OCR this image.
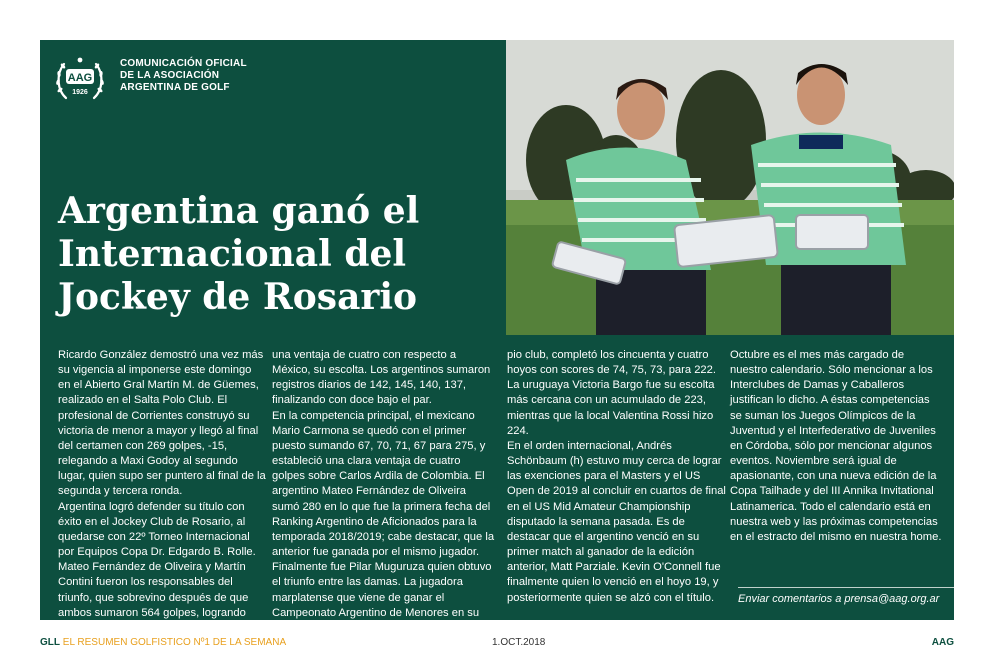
AAG
1926
COMUNICACIÓN OFICIAL
DE LA ASOCIACIÓN
ARGENTINA DE GOLF
Argentina ganó el Internacional del Jockey de Rosario

Ricardo González demostró una vez más su vigencia al imponerse este domingo en el Abierto Gral Martín M. de Güemes, realizado en el Salta Polo Club. El profesional de Corrientes construyó su victoria de menor a mayor y llegó al final del certamen con 269 golpes, -15, relegando a Maxi Godoy al segundo lugar, quien supo ser puntero al final de la segunda y tercera ronda.
Argentina logró defender su título con éxito en el Jockey Club de Rosario, al quedarse con 22º Torneo Internacional por Equipos Copa Dr. Edgardo B. Rolle. Mateo Fernández de Oliveira y Martín Contini fueron los responsables del triunfo, que sobrevino después de que ambos sumaron 564 golpes, logrando

una ventaja de cuatro con respecto a México, su escolta. Los argentinos sumaron registros diarios de 142, 145, 140, 137, finalizando con doce bajo el par.
En la competencia principal, el mexicano Mario Carmona se quedó con el primer puesto sumando 67, 70, 71, 67 para 275, y estableció una clara ventaja de cuatro golpes sobre Carlos Ardila de Colombia. El argentino Mateo Fernández de Oliveira sumó 280 en lo que fue la primera fecha del Ranking Argentino de Aficionados para la temporada 2018/2019; cabe destacar, que la anterior fue ganada por el mismo jugador.
Finalmente fue Pilar Muguruza quien obtuvo el triunfo entre las damas. La jugadora marplatense que viene de ganar el Campeonato Argentino de Menores en su pro-

pio club, completó los cincuenta y cuatro hoyos con scores de 74, 75, 73, para 222. La uruguaya Victoria Bargo fue su escolta más cercana con un acumulado de 223, mientras que la local Valentina Rossi hizo 224.
En el orden internacional, Andrés Schönbaum (h) estuvo muy cerca de lograr las exenciones para el Masters y el US Open de 2019 al concluir en cuartos de final en el US Mid Amateur Championship disputado la semana pasada. Es de destacar que el argentino venció en su primer match al ganador de la edición anterior, Matt Parziale. Kevin O'Connell fue finalmente quien lo venció en el hoyo 19, y posteriormente quien se alzó con el título.

Octubre es el mes más cargado de nuestro calendario. Sólo mencionar a los Interclubes de Damas y Caballeros justifican lo dicho. A éstas competencias se suman los Juegos Olímpicos de la Juventud y el Interfederativo de Juveniles en Córdoba, sólo por mencionar algunos eventos. Noviembre será igual de apasionante, con una nueva edición de la Copa Tailhade y del III Annika Invitational Latinamerica. Todo el calendario está en nuestra web y las próximas competencias en el estracto del mismo en nuestra home.

Enviar comentarios a prensa@aag.org.ar
GLL EL RESUMEN GOLFISTICO Nº1 DE LA SEMANA	1.OCT.2018	AAG
